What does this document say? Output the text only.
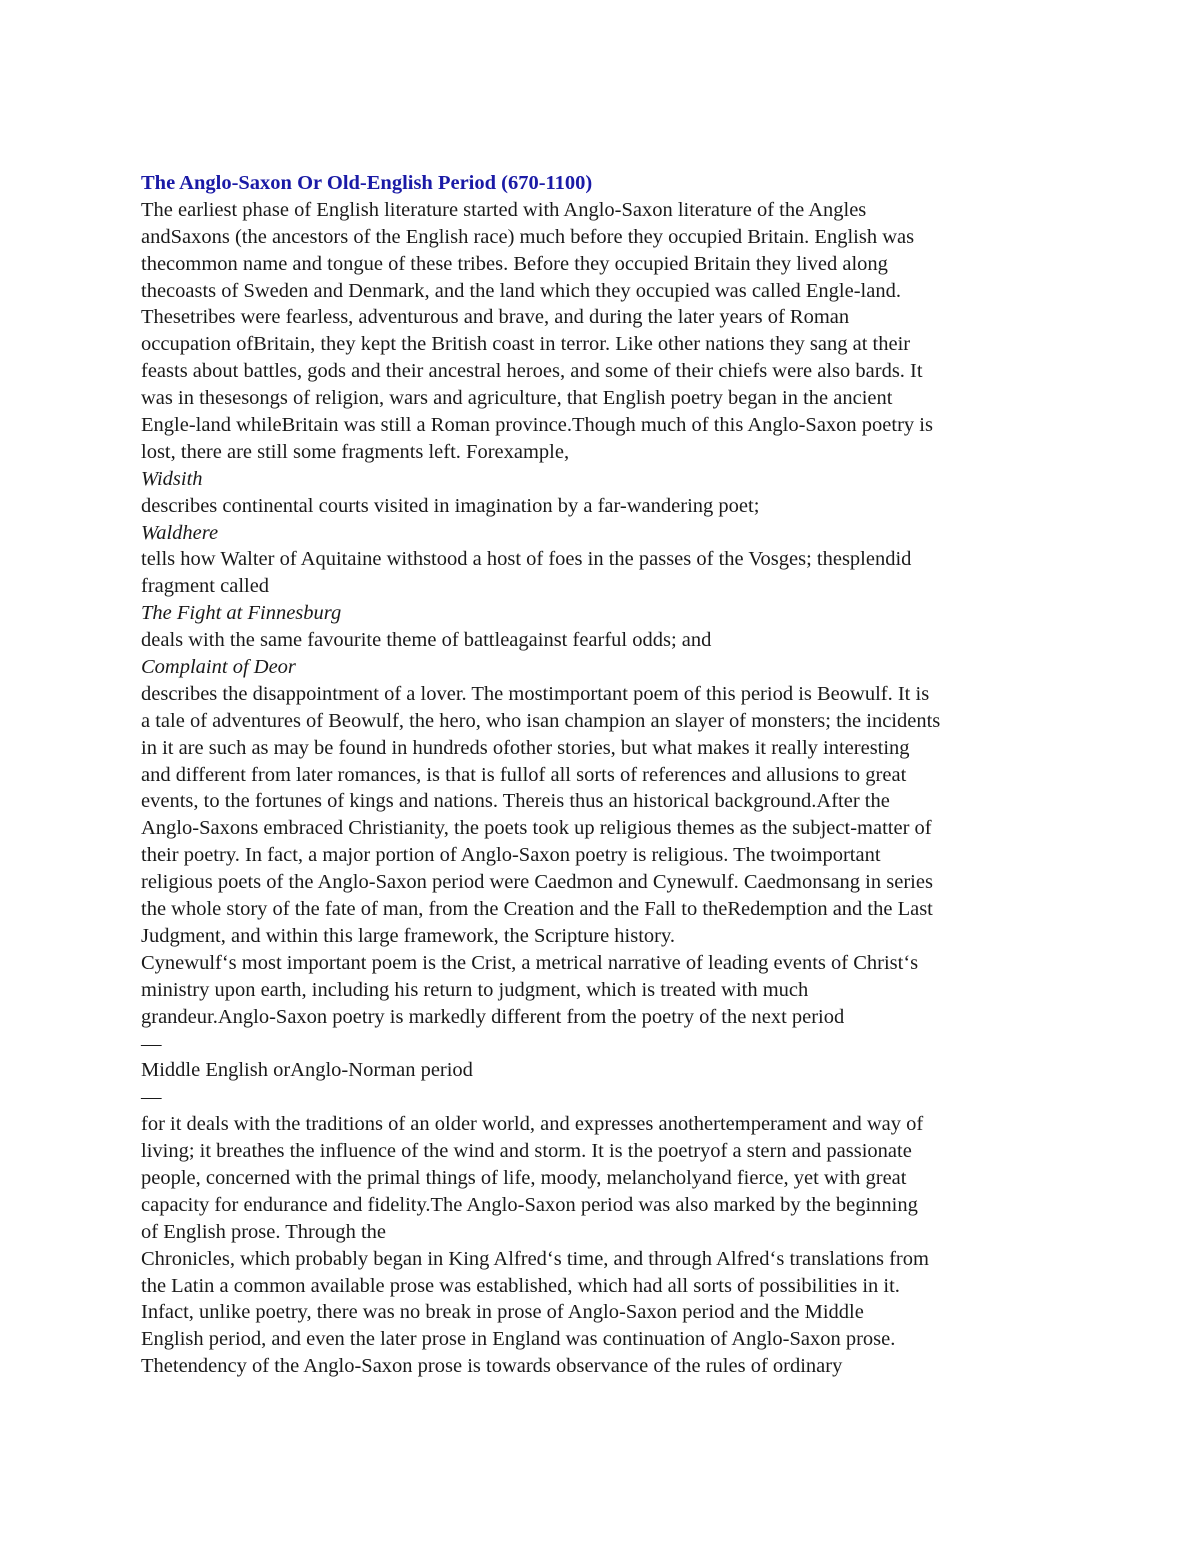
The Anglo-Saxon Or Old-English Period (670-1100)
The earliest phase of English literature started with Anglo-Saxon literature of the Angles
andSaxons (the ancestors of the English race) much before they occupied Britain. English was
thecommon name and tongue of these tribes. Before they occupied Britain they lived along
thecoasts of Sweden and Denmark, and the land which they occupied was called Engle-land.
Thesetribes were fearless, adventurous and brave, and during the later years of Roman
occupation ofBritain, they kept the British coast in terror. Like other nations they sang at their
feasts about battles, gods and their ancestral heroes, and some of their chiefs were also bards. It
was in thesesongs of religion, wars and agriculture, that English poetry began in the ancient
Engle-land whileBritain was still a Roman province.Though much of this Anglo-Saxon poetry is
lost, there are still some fragments left. Forexample,
Widsith
describes continental courts visited in imagination by a far-wandering poet;
Waldhere
tells how Walter of Aquitaine withstood a host of foes in the passes of the Vosges; thesplendid
fragment called
The Fight at Finnesburg
deals with the same favourite theme of battleagainst fearful odds; and
Complaint of Deor
describes the disappointment of a lover. The mostimportant poem of this period is Beowulf. It is
a tale of adventures of Beowulf, the hero, who isan champion an slayer of monsters; the incidents
in it are such as may be found in hundreds ofother stories, but what makes it really interesting
and different from later romances, is that is fullof all sorts of references and allusions to great
events, to the fortunes of kings and nations. Thereis thus an historical background.After the
Anglo-Saxons embraced Christianity, the poets took up religious themes as the subject-matter of
their poetry. In fact, a major portion of Anglo-Saxon poetry is religious. The twoimportant
religious poets of the Anglo-Saxon period were Caedmon and Cynewulf. Caedmonsang in series
the whole story of the fate of man, from the Creation and the Fall to theRedemption and the Last
Judgment, and within this large framework, the Scripture history.
Cynewulf‘s most important poem is the Crist, a metrical narrative of leading events of Christ‘s
ministry upon earth, including his return to judgment, which is treated with much
grandeur.Anglo-Saxon poetry is markedly different from the poetry of the next period
—
Middle English orAnglo-Norman period
—
for it deals with the traditions of an older world, and expresses anothertemperament and way of
living; it breathes the influence of the wind and storm. It is the poetryof a stern and passionate
people, concerned with the primal things of life, moody, melancholyand fierce, yet with great
capacity for endurance and fidelity.The Anglo-Saxon period was also marked by the beginning
of English prose. Through the
Chronicles, which probably began in King Alfred‘s time, and through Alfred‘s translations from
the Latin a common available prose was established, which had all sorts of possibilities in it.
Infact, unlike poetry, there was no break in prose of Anglo-Saxon period and the Middle
English period, and even the later prose in England was continuation of Anglo-Saxon prose.
Thetendency of the Anglo-Saxon prose is towards observance of the rules of ordinary
